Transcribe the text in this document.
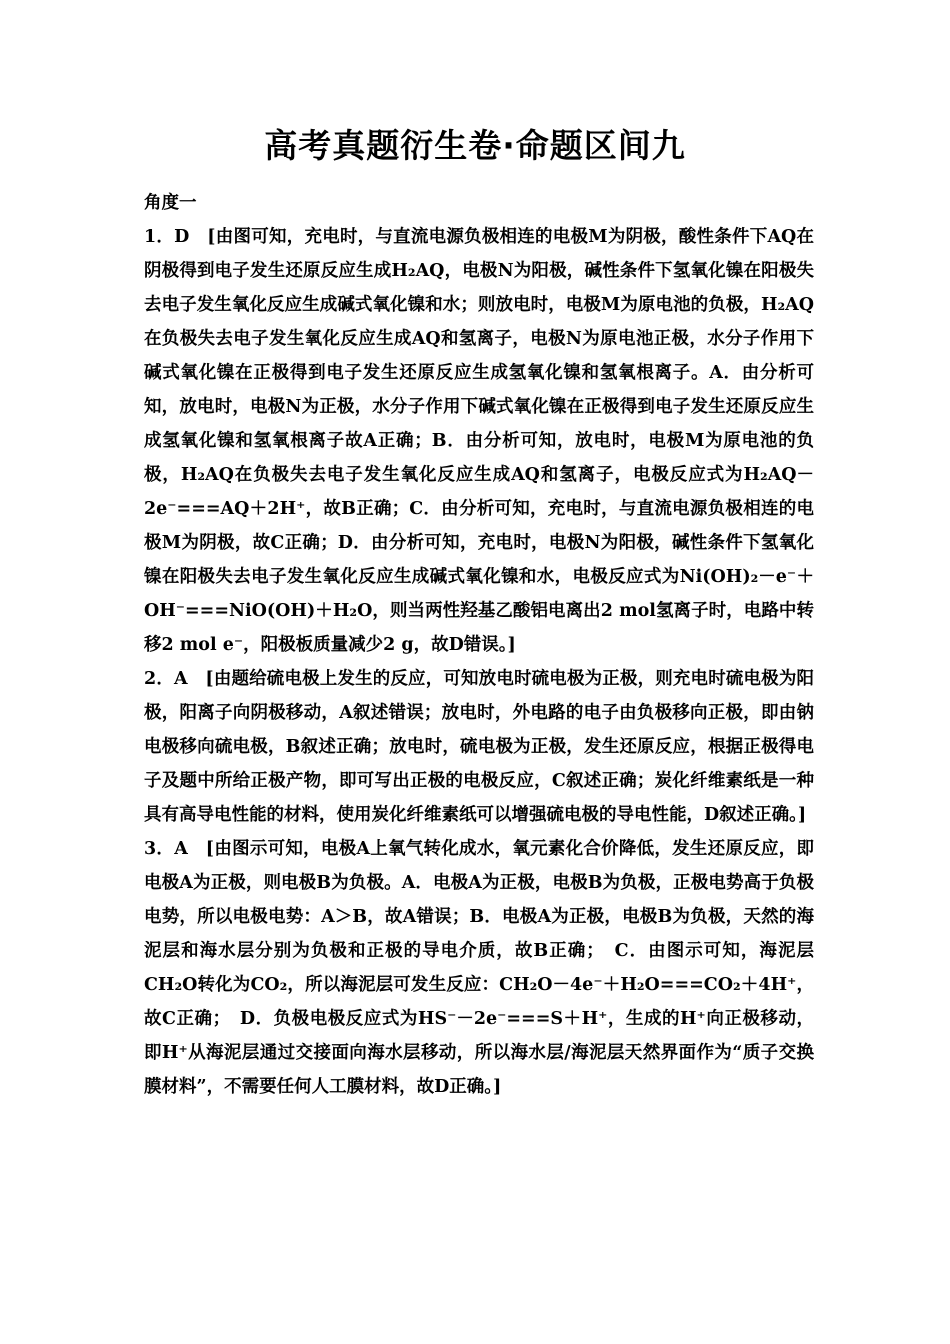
高考真题衍生卷·命题区间九

角度一

1．D　[由图可知，充电时，与直流电源负极相连的电极M为阴极，酸性条件下AQ在阴极得到电子发生还原反应生成H₂AQ，电极N为阳极，碱性条件下氢氧化镍在阳极失去电子发生氧化反应生成碱式氧化镍和水；则放电时，电极M为原电池的负极，H₂AQ在负极失去电子发生氧化反应生成AQ和氢离子，电极N为原电池正极，水分子作用下碱式氧化镍在正极得到电子发生还原反应生成氢氧化镍和氢氧根离子。A．由分析可知，放电时，电极N为正极，水分子作用下碱式氧化镍在正极得到电子发生还原反应生成氢氧化镍和氢氧根离子故A正确；B．由分析可知，放电时，电极M为原电池的负极，H₂AQ在负极失去电子发生氧化反应生成AQ和氢离子，电极反应式为H₂AQ－2e⁻===AQ＋2H⁺，故B正确；C．由分析可知，充电时，与直流电源负极相连的电极M为阴极，故C正确；D．由分析可知，充电时，电极N为阳极，碱性条件下氢氧化镍在阳极失去电子发生氧化反应生成碱式氧化镍和水，电极反应式为Ni(OH)₂－e⁻＋OH⁻===NiO(OH)＋H₂O，则当两性羟基乙酸铝电离出2 mol氢离子时，电路中转移2 mol e⁻，阳极板质量减少2 g，故D错误。]

2．A　[由题给硫电极上发生的反应，可知放电时硫电极为正极，则充电时硫电极为阳极，阳离子向阴极移动，A叙述错误；放电时，外电路的电子由负极移向正极，即由钠电极移向硫电极，B叙述正确；放电时，硫电极为正极，发生还原反应，根据正极得电子及题中所给正极产物，即可写出正极的电极反应，C叙述正确；炭化纤维素纸是一种具有高导电性能的材料，使用炭化纤维素纸可以增强硫电极的导电性能，D叙述正确。]

3．A　[由图示可知，电极A上氧气转化成水，氧元素化合价降低，发生还原反应，即电极A为正极，则电极B为负极。A．电极A为正极，电极B为负极，正极电势高于负极电势，所以电极电势：A＞B，故A错误；B．电极A为正极，电极B为负极，天然的海泥层和海水层分别为负极和正极的导电介质，故B正确；　C．由图示可知，海泥层CH₂O转化为CO₂，所以海泥层可发生反应：CH₂O－4e⁻＋H₂O===CO₂＋4H⁺，故C正确；　D．负极电极反应式为HS⁻－2e⁻===S＋H⁺，生成的H⁺向正极移动，即H⁺从海泥层通过交接面向海水层移动，所以海水层/海泥层天然界面作为“质子交换膜材料”，不需要任何人工膜材料，故D正确。]
